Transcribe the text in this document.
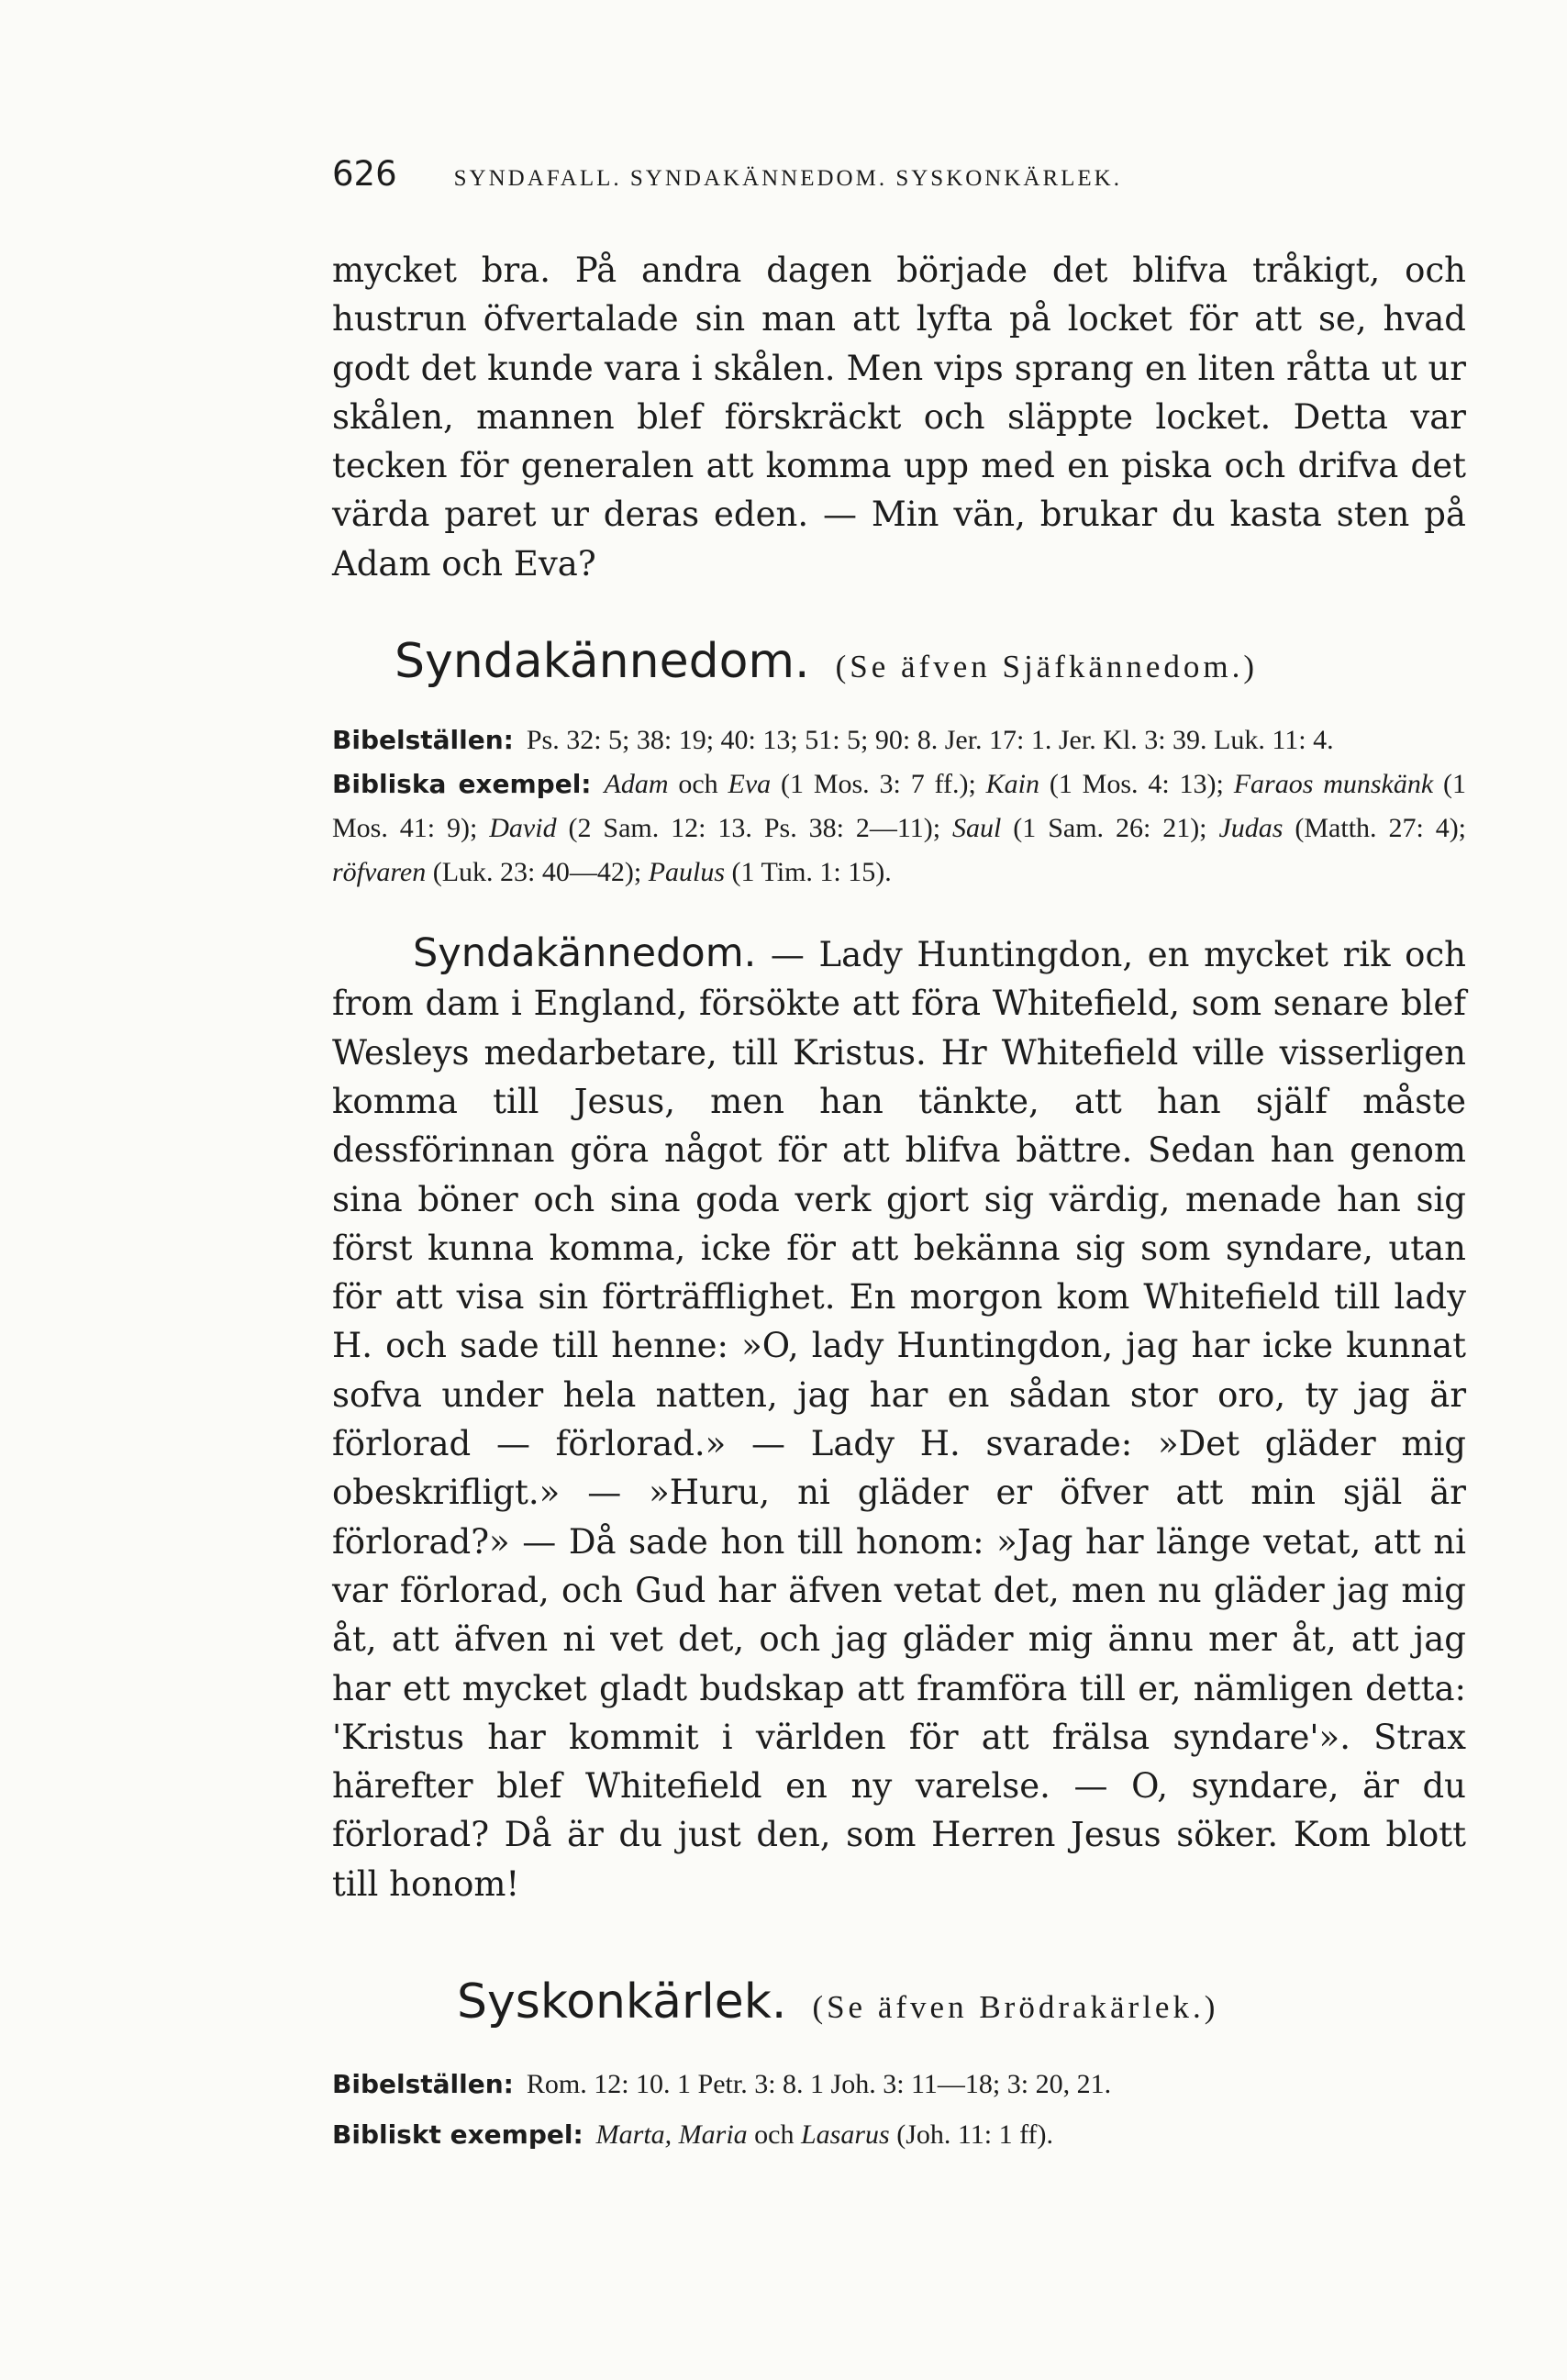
626 SYNDAFALL. SYNDAKÄNNEDOM. SYSKONKÄRLEK.

mycket bra. På andra dagen började det blifva tråkigt, och hustrun öfvertalade sin man att lyfta på locket för att se, hvad godt det kunde vara i skålen. Men vips sprang en liten råtta ut ur skålen, mannen blef förskräckt och släppte locket. Detta var tecken för generalen att komma upp med en piska och drifva det värda paret ur deras eden. — Min vän, brukar du kasta sten på Adam och Eva?

Syndakännedom. (Se äfven Sjäfkännedom.)
Bibelställen: Ps. 32: 5; 38: 19; 40: 13; 51: 5; 90: 8. Jer. 17: 1. Jer. Kl. 3: 39. Luk. 11: 4.
Bibliska exempel: Adam och Eva (1 Mos. 3: 7 ff.); Kain (1 Mos. 4: 13); Faraos munskänk (1 Mos. 41: 9); David (2 Sam. 12: 13. Ps. 38: 2—11); Saul (1 Sam. 26: 21); Judas (Matth. 27: 4); röfvaren (Luk. 23: 40—42); Paulus (1 Tim. 1: 15).

Syndakännedom. — Lady Huntingdon, en mycket rik och from dam i England, försökte att föra Whitefield, som senare blef Wesleys medarbetare, till Kristus. Hr Whitefield ville visserligen komma till Jesus, men han tänkte, att han själf måste dessförinnan göra något för att blifva bättre. Sedan han genom sina böner och sina goda verk gjort sig värdig, menade han sig först kunna komma, icke för att bekänna sig som syndare, utan för att visa sin förträfflighet. En morgon kom Whitefield till lady H. och sade till henne: »O, lady Huntingdon, jag har icke kunnat sofva under hela natten, jag har en sådan stor oro, ty jag är förlorad — förlorad.» — Lady H. svarade: »Det gläder mig obeskrifligt.» — »Huru, ni gläder er öfver att min själ är förlorad?» — Då sade hon till honom: »Jag har länge vetat, att ni var förlorad, och Gud har äfven vetat det, men nu gläder jag mig åt, att äfven ni vet det, och jag gläder mig ännu mer åt, att jag har ett mycket gladt budskap att framföra till er, nämligen detta: 'Kristus har kommit i världen för att frälsa syndare'». Strax härefter blef Whitefield en ny varelse. — O, syndare, är du förlorad? Då är du just den, som Herren Jesus söker. Kom blott till honom!

Syskonkärlek. (Se äfven Brödrakärlek.)
Bibelställen: Rom. 12: 10. 1 Petr. 3: 8. 1 Joh. 3: 11—18; 3: 20, 21.
Bibliskt exempel: Marta, Maria och Lasarus (Joh. 11: 1 ff).
